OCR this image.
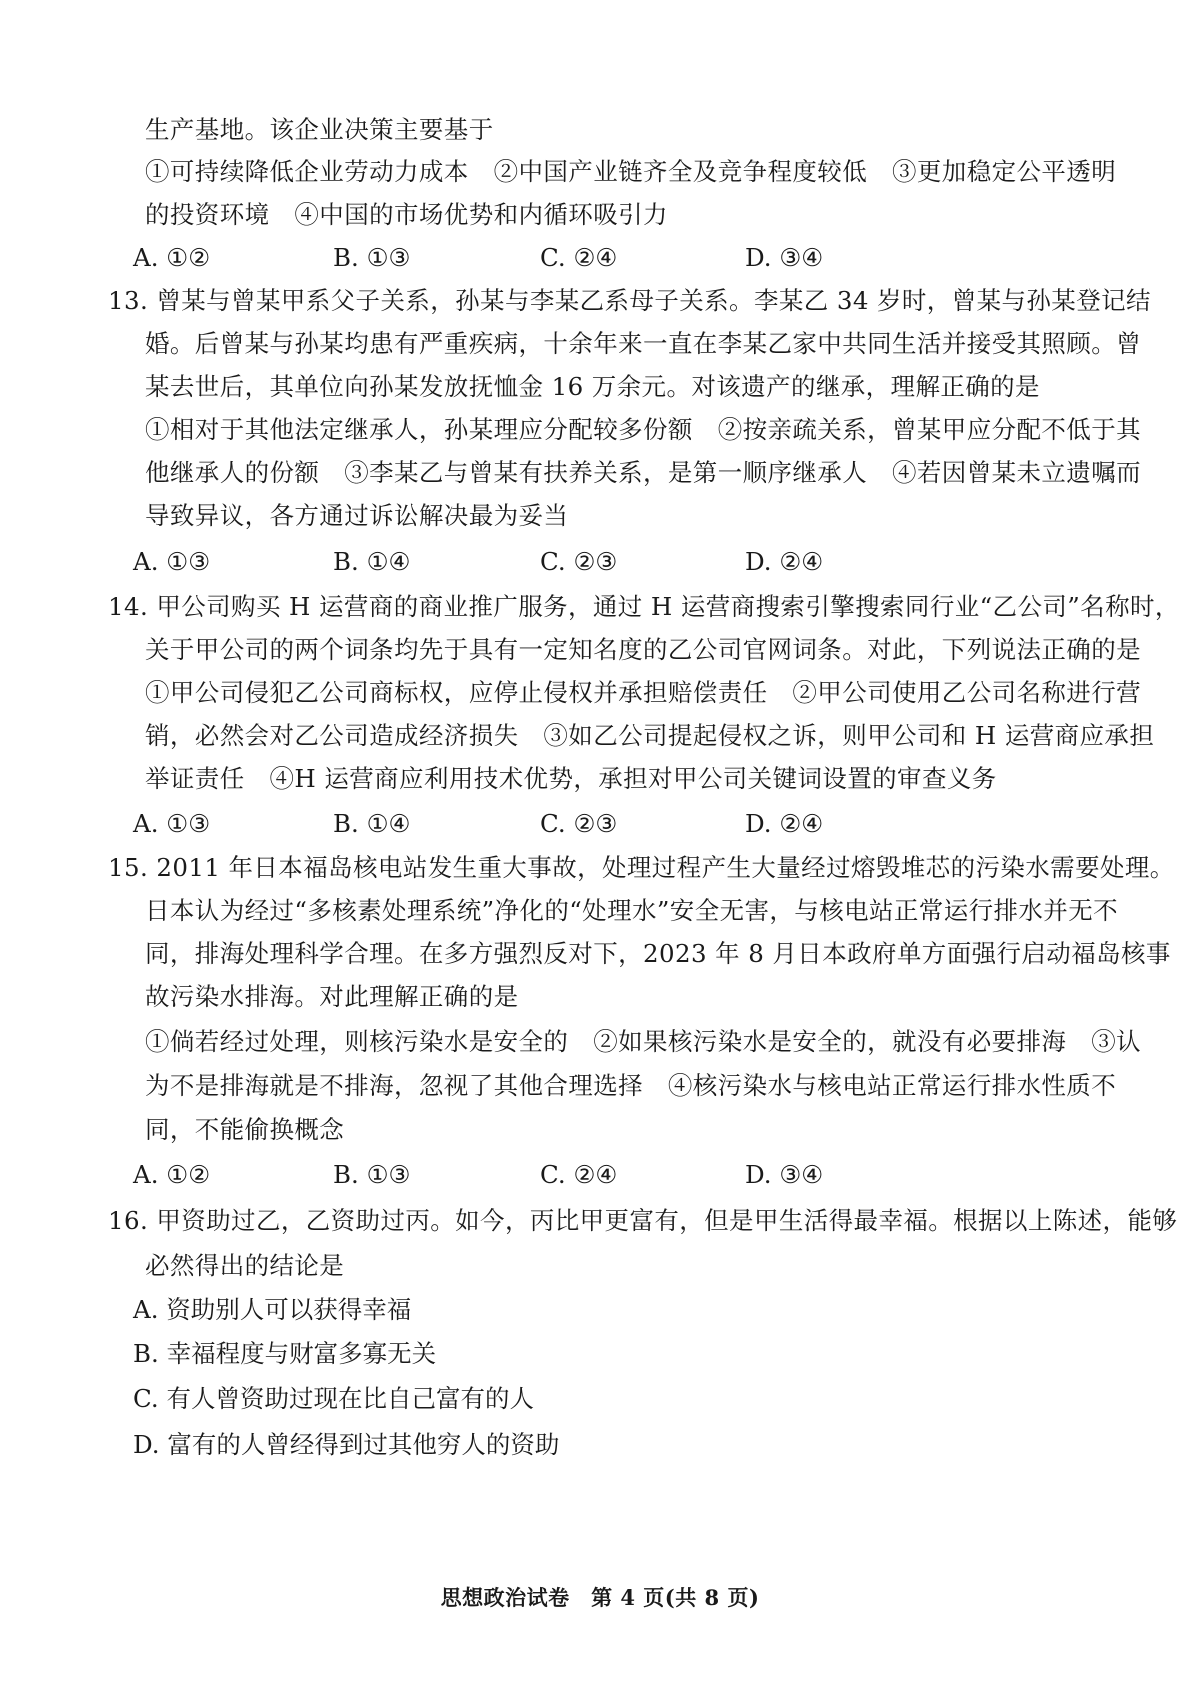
生产基地。该企业决策主要基于
①可持续降低企业劳动力成本　②中国产业链齐全及竞争程度较低　③更加稳定公平透明
的投资环境　④中国的市场优势和内循环吸引力
A. ①②	B. ①③	C. ②④	D. ③④
13. 曾某与曾某甲系父子关系，孙某与李某乙系母子关系。李某乙 34 岁时，曾某与孙某登记结
婚。后曾某与孙某均患有严重疾病，十余年来一直在李某乙家中共同生活并接受其照顾。曾
某去世后，其单位向孙某发放抚恤金 16 万余元。对该遗产的继承，理解正确的是
①相对于其他法定继承人，孙某理应分配较多份额　②按亲疏关系，曾某甲应分配不低于其
他继承人的份额　③李某乙与曾某有扶养关系，是第一顺序继承人　④若因曾某未立遗嘱而
导致异议，各方通过诉讼解决最为妥当
A. ①③	B. ①④	C. ②③	D. ②④
14. 甲公司购买 H 运营商的商业推广服务，通过 H 运营商搜索引擎搜索同行业“乙公司”名称时，
关于甲公司的两个词条均先于具有一定知名度的乙公司官网词条。对此，下列说法正确的是
①甲公司侵犯乙公司商标权，应停止侵权并承担赔偿责任　②甲公司使用乙公司名称进行营
销，必然会对乙公司造成经济损失　③如乙公司提起侵权之诉，则甲公司和 H 运营商应承担
举证责任　④H 运营商应利用技术优势，承担对甲公司关键词设置的审查义务
A. ①③	B. ①④	C. ②③	D. ②④
15. 2011 年日本福岛核电站发生重大事故，处理过程产生大量经过熔毁堆芯的污染水需要处理。
日本认为经过“多核素处理系统”净化的“处理水”安全无害，与核电站正常运行排水并无不
同，排海处理科学合理。在多方强烈反对下，2023 年 8 月日本政府单方面强行启动福岛核事
故污染水排海。对此理解正确的是
①倘若经过处理，则核污染水是安全的　②如果核污染水是安全的，就没有必要排海　③认
为不是排海就是不排海，忽视了其他合理选择　④核污染水与核电站正常运行排水性质不
同，不能偷换概念
A. ①②	B. ①③	C. ②④	D. ③④
16. 甲资助过乙，乙资助过丙。如今，丙比甲更富有，但是甲生活得最幸福。根据以上陈述，能够
必然得出的结论是
A. 资助别人可以获得幸福
B. 幸福程度与财富多寡无关
C. 有人曾资助过现在比自己富有的人
D. 富有的人曾经得到过其他穷人的资助
思想政治试卷　第 4 页(共 8 页)
